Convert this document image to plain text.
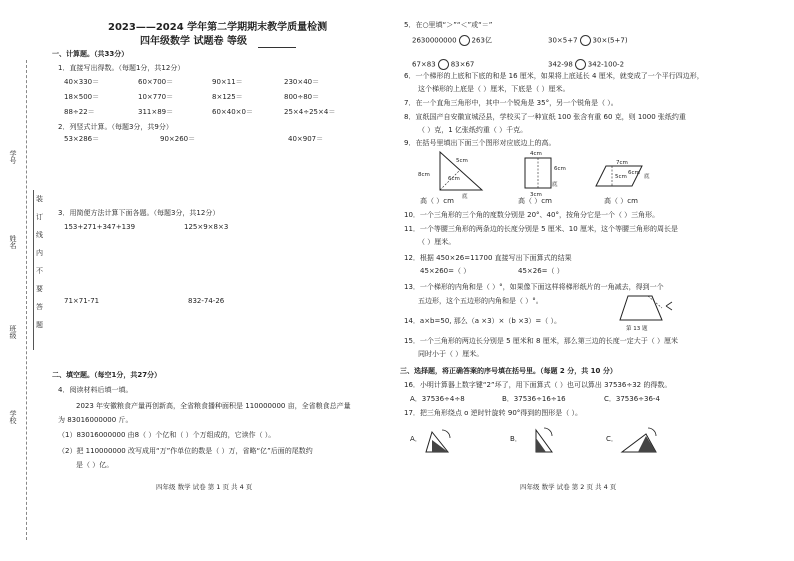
学号
姓名
班级
学校
装
订
线
内
不
要
答
题
2023——2024 学年第二学期期末教学质量检测
四年级数学 试题卷 等级
一、计算题。（共33分）
1．直接写出得数。（每题1分，共12分）
40×330＝	60×700＝	90×11＝	230×40＝
18×500＝	10×770＝	8×125＝	800÷80＝
88÷22＝	311×89＝	60×40×0＝	25×4÷25×4＝
2．列竖式计算。（每题3分，共9分）
53×286＝	90×260＝	40×907＝
3．用简便方法计算下面各题。（每题3分，共12分）
153+271+347+139	125×9×8×3
71×71-71	832-74-26
二、填空题。（每空1分，共27分）
4．阅读材料后填一填。
2023 年安徽粮食产量再创新高，全省粮食播种面积是 110000000 亩，全省粮食总产量
为 83016000000 斤。
（1）83016000000 由8（ ）个亿和（ ）个万组成的，它读作（ ）。
（2）把 110000000 改写成用“万”作单位的数是（ ）万，省略“亿”后面的尾数约
是（ ）亿。
四年级 数学 试卷 第 1 页 共 4 页
5．在○里填“＞”“＜”或“＝”
2630000000 263亿	30×5+7 30×(5+7)
67×83 83×67	342-98 342-100-2
6．一个梯形的上底和下底的和是 16 厘米，如果将上底延长 4 厘米，就变成了一个平行四边形，
这个梯形的上底是（ ）厘米，下底是（ ）厘米。
7．在一个直角三角形中，其中一个锐角是 35°，另一个锐角是（ ）。
8．宣纸国产自安徽宣城泾县，学校买了一种宣纸 100 张含有重 60 克，则 1000 张纸约重
（ ）克，1 亿张纸约重（ ）千克。
9．在括号里填出下面三个图形对应底边上的高。
8cm
6cm
5cm
底
4cm
6cm
3cm
底
7cm
5cm
6cm
底
高（ ）cm	高（ ）cm	高（ ）cm
10．一个三角形的三个角的度数分别是 20°、40°，按角分它是一个（ ）三角形。
11．一个等腰三角形的两条边的长度分别是 5 厘米、10 厘米，这个等腰三角形的周长是
（ ）厘米。
12．根据 450×26=11700 直接写出下面算式的结果
45×260=（ ）	45×26=（ ）
13．一个梯形的内角和是（ ）°，如果像下面这样将梯形纸片的一角减去，得到一个
五边形，这个五边形的内角和是（ ）°。
第 13 题
14．a×b=50, 那么（a ×3）×（b ×3）=（ ）。
15．一个三角形的两边长分别是 5 厘米和 8 厘米，那么第三边的长度一定大于（ ）厘米
同时小于（ ）厘米。
三、选择题，将正确答案的序号填在括号里。（每题 2 分，共 10 分）
16．小明计算器上数字键“2”坏了，用下面算式（ ）也可以算出 37536÷32 的得数。
A．37536÷4÷8	B．37536÷16÷16	C．37536÷36-4
17．把三角形绕点 o 逆时针旋转 90°得到的图形是（ ）。
A．	B．	C．
四年级 数学 试卷 第 2 页 共 4 页
